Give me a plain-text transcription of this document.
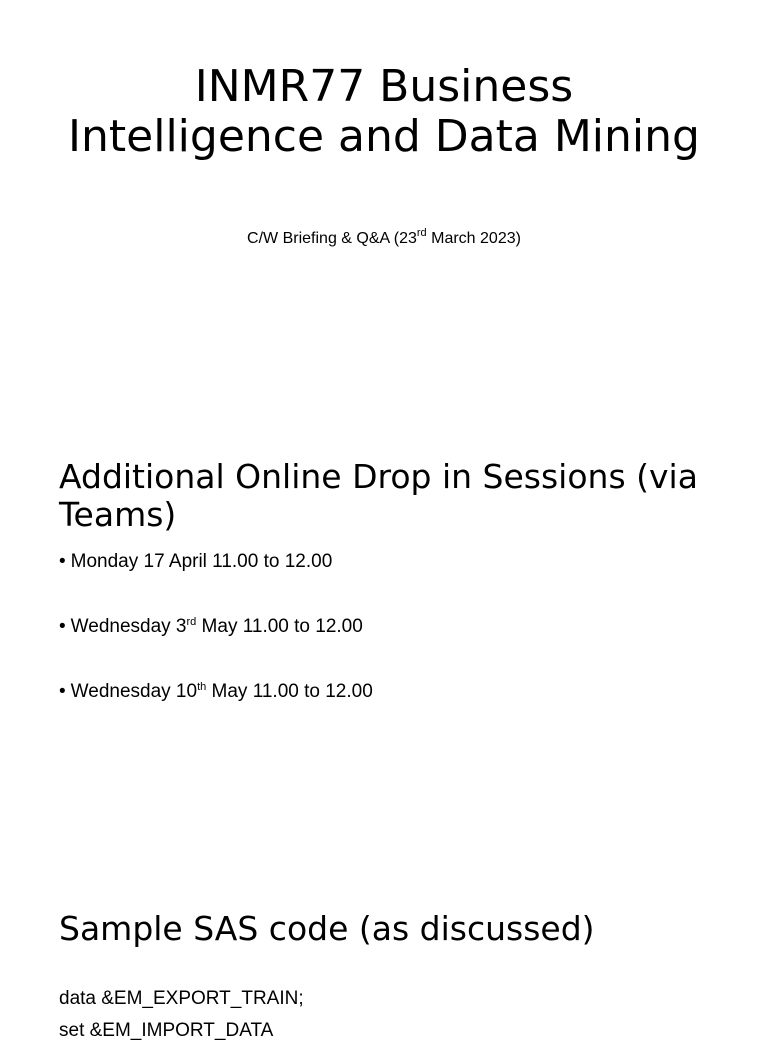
INMR77 Business Intelligence and Data Mining

C/W Briefing & Q&A (23rd March 2023)

Additional Online Drop in Sessions (via Teams)
• Monday 17 April 11.00 to 12.00
• Wednesday 3rd May 11.00 to 12.00
• Wednesday 10th May 11.00 to 12.00
Sample SAS code (as discussed)
data &EM_EXPORT_TRAIN;
set &EM_IMPORT_DATA
